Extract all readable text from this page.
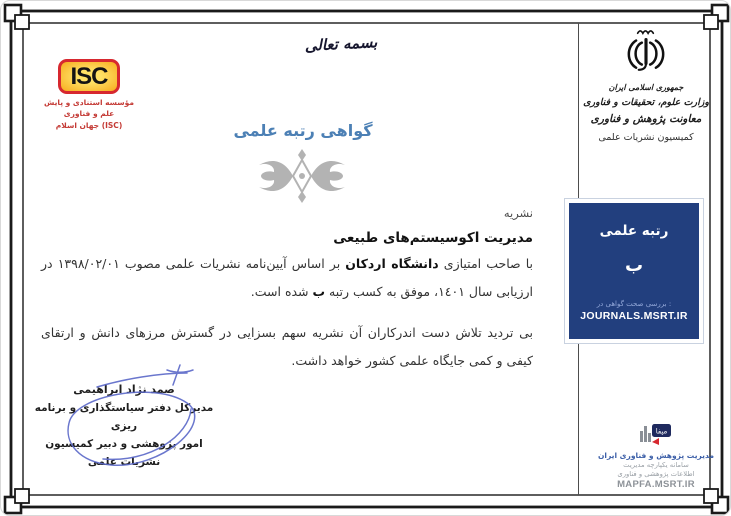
بسمه تعالی
ISC
مؤسسه استنادی و پایش علم و فناوری
جهان اسلام (ISC)	گواهی رتبه علمی
نشریه
مدیریت اکوسیستم‌های طبیعی

با صاحب امتیازی دانشگاه اردکان بر اساس آیین‌نامه نشریات علمی مصوب ۱۳۹۸/۰۲/۰۱ در ارزیابی سال ١٤٠١، موفق به کسب رتبه ب شده است.

بی تردید تلاش دست اندرکاران آن نشریه سهم بسزایی در گسترش مرزهای دانش و ارتقای کیفی و کمی جایگاه علمی کشور خواهد داشت.

صمد نژاد ابراهیمی
مدیرکل دفتر سیاستگذاری و برنامه ریزی
امور پژوهشی و دبیر کمیسیون
نشریات علمی
جمهوری اسلامی ایران
وزارت علوم، تحقیقات و فناوری
معاونت پژوهش و فناوری
کمیسیون نشریات علمی
رتبه علمی
ب
بررسی صحت گواهی در :
JOURNALS.MSRT.IR
مپفا
مدیریت پژوهش و فناوری ایران
سامانه یکپارچه مدیریت
اطلاعات پژوهشی و فناوری
MAPFA.MSRT.IR
